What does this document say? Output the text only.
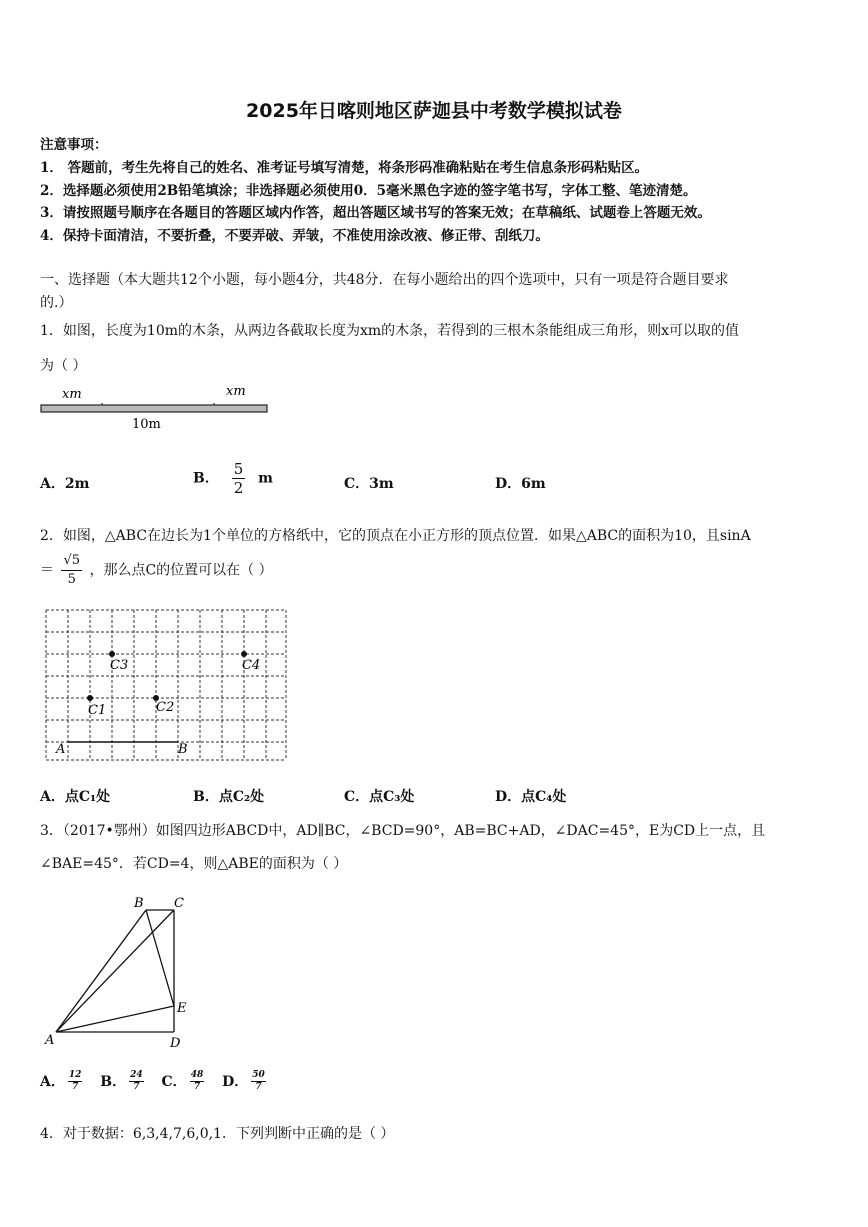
2025年日喀则地区萨迦县中考数学模拟试卷
注意事项：
1． 答题前，考生先将自己的姓名、准考证号填写清楚，将条形码准确粘贴在考生信息条形码粘贴区。
2．选择题必须使用2B铅笔填涂；非选择题必须使用0．5毫米黑色字迹的签字笔书写，字体工整、笔迹清楚。
3．请按照题号顺序在各题目的答题区域内作答，超出答题区域书写的答案无效；在草稿纸、试题卷上答题无效。
4．保持卡面清洁，不要折叠，不要弄破、弄皱，不准使用涂改液、修正带、刮纸刀。
一、选择题（本大题共12个小题，每小题4分，共48分．在每小题给出的四个选项中，只有一项是符合题目要求
的.）
1．如图，长度为10m的木条，从两边各截取长度为xm的木条，若得到的三根木条能组成三角形，则x可以取的值
为（ ）
xm	xm
10m
A．2m	B． $\frac{5}{2}$ m	C．3m	D．6m
2．如图，△ABC在边长为1个单位的方格纸中，它的顶点在小正方形的顶点位置．如果△ABC的面积为10，且sinA
＝ $\frac{√5}{5}$ ，那么点C的位置可以在（ ）
A	B
C1	C2
C3	C4
A．点C₁处	B．点C₂处	C．点C₃处	D．点C₄处
3．（2017•鄂州）如图四边形ABCD中，AD∥BC，∠BCD=90°，AB=BC+AD，∠DAC=45°，E为CD上一点，且
∠BAE=45°．若CD=4，则△ABE的面积为（ ）
B C
E
A	D
A． $\frac{12}{7}$ B． $\frac{24}{7}$ C． $\frac{48}{7}$ D． $\frac{50}{7}$
4．对于数据：6,3,4,7,6,0,1．下列判断中正确的是（ ）
